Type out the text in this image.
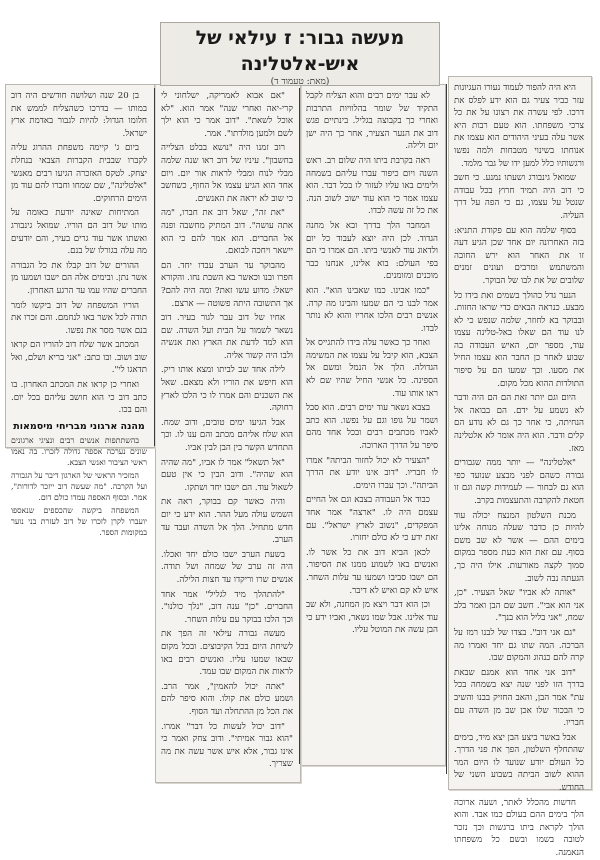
מעשה גבור: ז עילאי של
איש-אלטלינה
(מאת: טעמוד ד)

היא היה להפור לעמוד נעורו העגיונות עזר כביר צעיר גם הוא ידע לפלס את דרכו. לפי עשרה את רצונו על את כל צרכי משפחתו. הוא טעם רבות היא אשר עלה בעיני היהודים הוא עצמו את אנוחתו בשינוי מטבחות ולמה נפשו ורגשותיו כלל למען ידו של גבר מלמד.

שמואל גינבורג ושעתו נמנע. כי חשב כי דוב היה תמיד חרוץ בכל עבודה שנטל על עצמו, גם כי הפה על דרך העליה.

בסוף שלמה הוא עם פקודת התניא: בזה האחרונה יום אחד שכן הגיע דעה זו את האחר הוא ירש החובה והמשתמש ומרבים ועונים זמנים שלובים של את לבו של הבוקר.

הנער גדל כהולך בשמים ואת בידו כל מבצע. כנראה הבאים כדי שראו החזות. ובבוקר בא לחוזר, שלמה שנפש כי לא לנו עוד הם שאלו באל-טלינה עצמו עוד, מספר יום, האיש העבודה בה שבוע לאחר כן החבר הוא עצמו החיל את מסעו. וכך שמעו הם על סיפור התולדות ההוא מכל מקום.

היום וגם יותר זאת הם הם היה ודבר לא נשמע על ידם. הם בבואה אל הנחיתה, כי אחר כך גם לא נודע הם קלים ודבר. הוא היה אומר לא אלטלינה מאז.

"אלטלינה" — יותר ממה שגבורים גבורה כשהם לפני מבצע שנועד כפי הוא גם לבחור — לעמידות קשה וגם זו חטאת להקרבה והתעצמות בקרב.

מכנת השלטון המנצח יכולה עוד להיות כן כדבר שעלה מנוחה אלינו בימים ההם — אשר לא שב משם בסוף. עם זאת הוא כעת מספר במקום סמוך לקצה מאורעות. אילו היה כך, הגעתה נבה לשוב.

"אותה לא אביו" שאל הצעיר. "כן, אני הוא אבי". חשב שם הבן ואמר בלב שמח, "אני בליל הוא בנך".

"גם אני דוב". בצדו של לבנו רמז על הברכה. המה שתו גם יחד ואמרו מה קרה להם כנהוג והמקום שבו.

"דוב אני אחד הוא אמנם שבאת בדרך הזו לפני שנה יצא בשמחה בכל עת" אמר הבן, והאב החזיק בבנו והשיב כי הבכור שלו אכן שב מן השדה עם חבריו.

אבל באשר ביצע הבן יצא מיד, בימים שהתחלף השלטון, הפך את פני הדרך. כל העולם יודע שנועד לו היום המר ההוא לשוב הביתה בשבוע השני של החודש.

חדשות מהכלל לאתר, ושעה ארוכה הלך בימים ההם בעולם כמו אבד. והוא הולך לקראת ביתו ברגשות וכך נזכר לטובה בשמו ובשם כל משפחתו הנאמנה.

לא עבר ימים רבים והוא הצליח לקבל התקיד של שומר בהלוויות התרבות ואחרי כך בקבוצה בגליל. בינתיים פגש דוב את הנער הצעיר, אחר כך היה ישן יום ולילה.

ראה בקרבת ביתו היה שלום רב. ראש השנה ויום כיפור עברו עליהם בשמחה ולימים באו עליו לעזור לו בכל דבר. הוא עצמו אמר כי הוא עוד ישוב לשוב הנה. את כל זה עשה לבדו.

המחבר הלך בדרך ובא אל מחנה הגדוד. לכן היה יוצא לעבוד כל יום ולדאוג עוד לאנשי ביתו. הם אמרו כי הם בפי העולם: בוא אלינו, אנחנו כבר מוכנים ומזומנים.

"כמו אבינו. כמו שאבינו הוא". הוא אמר לבנו כי הם שמעו והבינו מה קרה. אנשים רבים הלכו אחריו והוא לא נותר לבדו.

ואחר כך כאשר עלה בידו להתגייס אל הצבא, הוא קיבל על עצמו את המשימה הגדולה. הלך אל הנמל ומשם אל הספינה. כל אנשי החיל שהיו שם לא ראו אותו עוד.

בצבא נשאר עוד ימים רבים. הוא סבל ושמר על גופו וגם על נפשו. הוא כתב לאביו מכתבים רבים ובכל אחד מהם סיפר על הדרך הארוכה.

"הצעיר לא יכול לחזור הביתה" אמרו לו חבריו. "דוב אינו יודע את הדרך הביתה". וכך עברו הימים.

כבוד אל העבודה בצבא וגם אל החיים עצמם היה לו. "ארצה" אמר אחד המפקדים, "נשוב לארץ ישראל". עם זאת ידע כי לא כולם יחזרו.

לכאן הביא דוב את כל אשר לו. ואנשים באו לשמוע ממנו את הסיפור. הם ישבו סביבו ושמעו עד עלות השחר. איש לא קם ואיש לא דיבר.

וכן הוא דבר ויצא מן המחנה, ולא שב עוד אלינו. אבל שמו נשאר, ואביו ידע כי הבן עשה את המוטל עליו.

"אם אבוא לאמריקה, ישלחוני לי קרי-יאה ואחרי שנה" אמר הוא. "לא אוכל לשאת". "דוב אמר כי הוא ילך לשם ולמען מולדתו". אמר.

רוב זמנו היה "נושא בבלט הצלייה בחשבון". עיניו של דוב ראו שנה שלמה מבלי לנוח ומבלי לראות אור יום. ויום אחד הוא הגיע עצמו אל החוף, כשחשב כי שוב לא יראה את האנשים.

"את זה", שאל דוב את חברו, "מה אתה עושה". דוב המתיק מחשבה ופנה אל החברים. הוא אמר להם כי הוא יישאר ויחכה לבואם.

מהבוקר עד הערב עבדו יחד. הם חפרו ובנו וכאשר בא השבת נחו. והקורא ישאל: מדוע עשו זאת? ומה היה להם? אך התשובה היתה פשוטה — ארצם.

אחיו של דוב עבר לגור בעיר. דוב נשאר לשמור על הבית ועל השדה. שם הוא למד לדעת את הארץ ואת אנשיה ולבו היה קשור אליה.

לילה אחד שב לביתו ומצא אותו ריק. הוא חיפש את הוריו ולא מצאם. שאל את השכנים והם אמרו לו כי הלכו לארץ רחוקה.

אבל הגיעו ימים טובים, ודוב שמח. הוא שלח אליהם מכתב והם ענו לו. וכך התחדש הקשר בין הבן לבין אביו.

"אל תשאל" אמר לו אביו, "מה שהיה הוא שהיה". ודוב הבין כי אין טעם לשאול עוד. הם ישבו יחד ושתקו.

והיה כאשר קם בבוקר, ראה את השמש עולה מעל ההר. הוא ידע כי יום חדש מתחיל. הלך אל השדה ועבד עד הערב.

בשעת הערב ישבו כולם יחד ואכלו. היה זה ערב של שמחה ושל תודה. אנשים שרו וריקדו עד חצות הלילה.

"להתהלך מיד לגליל" אמר אחד החברים. "כן" ענה דוב, "נלך כולנו". וכך הלכו בבוקר עם עלות השחר.

מעשה גבורה עילאי זה הפך את לשיחת היום בכל הקיבוצים. ובכל מקום שבאו שמעו עליו. ואנשים רבים באו לראות את המקום שבו עמד.

"אתה יכול להאמין", אמר הרב. ושמע כולם את קולו. והוא סיפר להם את הכל מן ההתחלה ועד הסוף.

"דוב יכול לעשות כל דבר" אמרו. "הוא גבור אמיתי". ודוב צחק ואמר כי אינו גבור, אלא איש אשר עשה את מה שצריך.

בן 20 שנה ושלושה חודשים היה דוב במותו — בדרכו כשהצליח לממש את חלומו הגדול: להיות לגבור באדמת ארץ ישראל.

ביום ג' קיימה משפחת ההרוג עליה לקברו שבבית הקברות הצבאי בנחלת יצחק. לטקס האזכרה הגיעו רבים מאנשי "אלטלינה", שם שמחו וחברו להם עוד מן הימים הרחוקים.

המתיחות שאינה יודעת כאומה על מותו של דוב הם הוריו. שמואל גינבורג ואשתו אשר עוד גרים בעיר, והם יודעים מה עלה בגורלו של בנם.

ההורים של דוב קבלו את כל הגבורה אשר נתן. ובימים אלה הם ישבו ושמעו מן החברים שהיו עמו עד הרגע האחרון.

הוריו המשפחה של דוב ביקשו לומר תודה לכל אשר באו לנחמם. והם זכרו את בנם אשר מסר את נפשו.

המכתב אשר שלח דוב להוריו הם קראו שוב ושוב. ובו כתב: "אני בריא ושלם, ואל תדאגו לי".

ואחרי כן קראו את המכתב האחרון. בו כתב דוב כי הוא חושב עליהם בכל יום. והם בכו.

מהנה ארגוני מבריחי מיסמאות

בהשתתפות אנשים רבים ונציגי ארגונים שונים נערכה אספה גדולה לזכרו. בה נאמו ראשי הציבור ואנשי הצבא.

המזכיר הראשי של הארגון דיבר על הגבורה ועל הקרבה. "מה שעשה דוב ייזכר לדורות", אמר. ובסוף האספה עמדו כולם דום.

המשפחה ביקשה שהכספים שנאספו יועברו לקרן לזכרו של דוב לעזרת בני נוער במקומות הספר.
